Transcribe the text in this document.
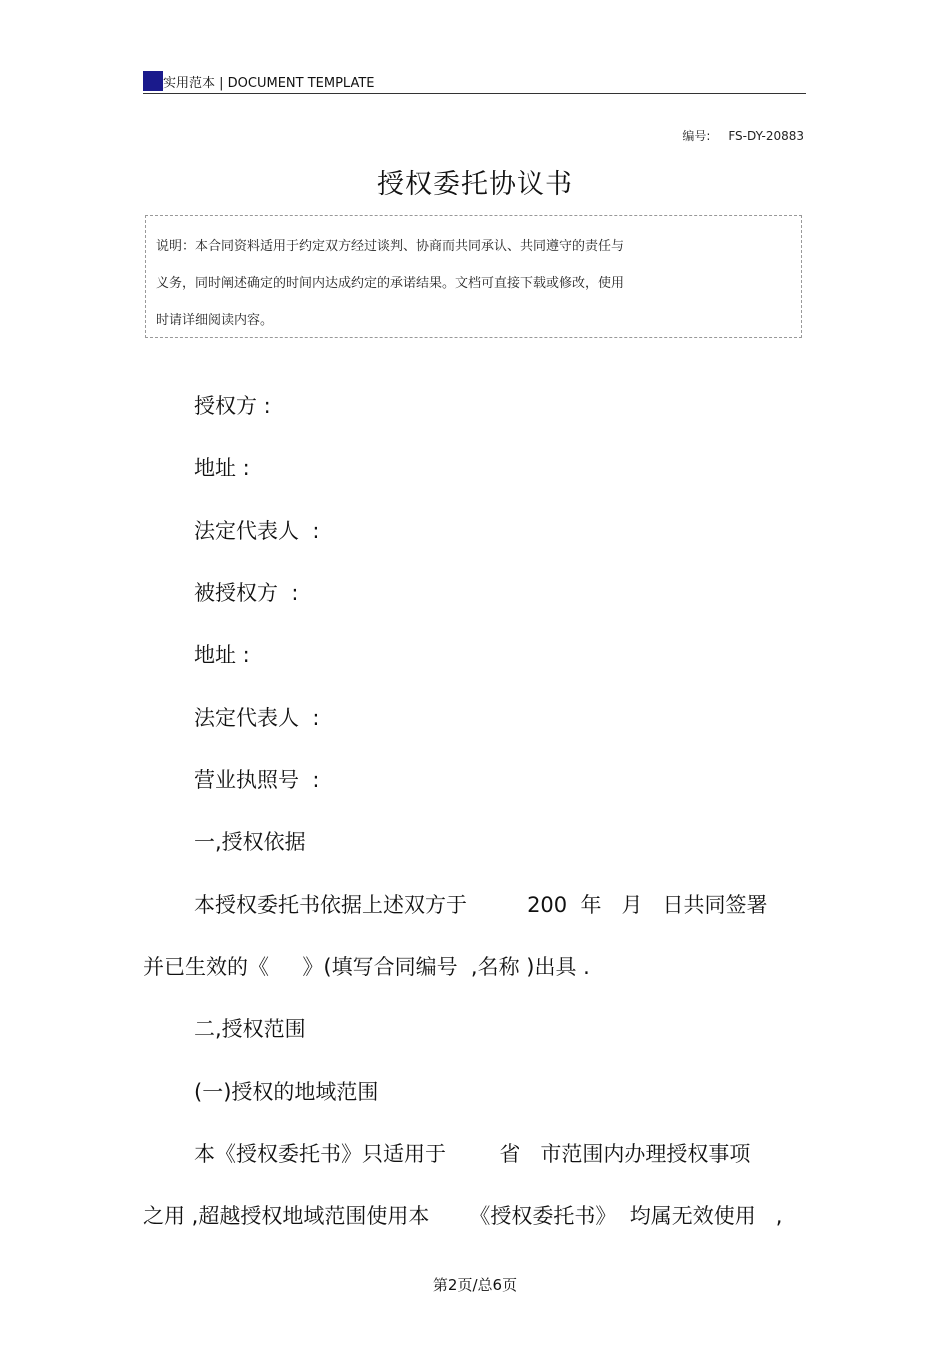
实用范本 | DOCUMENT TEMPLATE
编号: FS-DY-20883
授权委托协议书
说明：本合同资料适用于约定双方经过谈判、协商而共同承认、共同遵守的责任与
义务，同时阐述确定的时间内达成约定的承诺结果。文档可直接下载或修改，使用
时请详细阅读内容。
授权方 :
地址 :
法定代表人  :
被授权方  :
地址 :
法定代表人  :
营业执照号  :
一,授权依据
本授权委托书依据上述双方于         200  年   月   日共同签署
并已生效的《     》(填写合同编号  ,名称 )出具 .
二,授权范围
(一)授权的地域范围
本《授权委托书》只适用于        省   市范围内办理授权事项
之用 ,超越授权地域范围使用本      《授权委托书》  均属无效使用   ,
第2页/总6页
